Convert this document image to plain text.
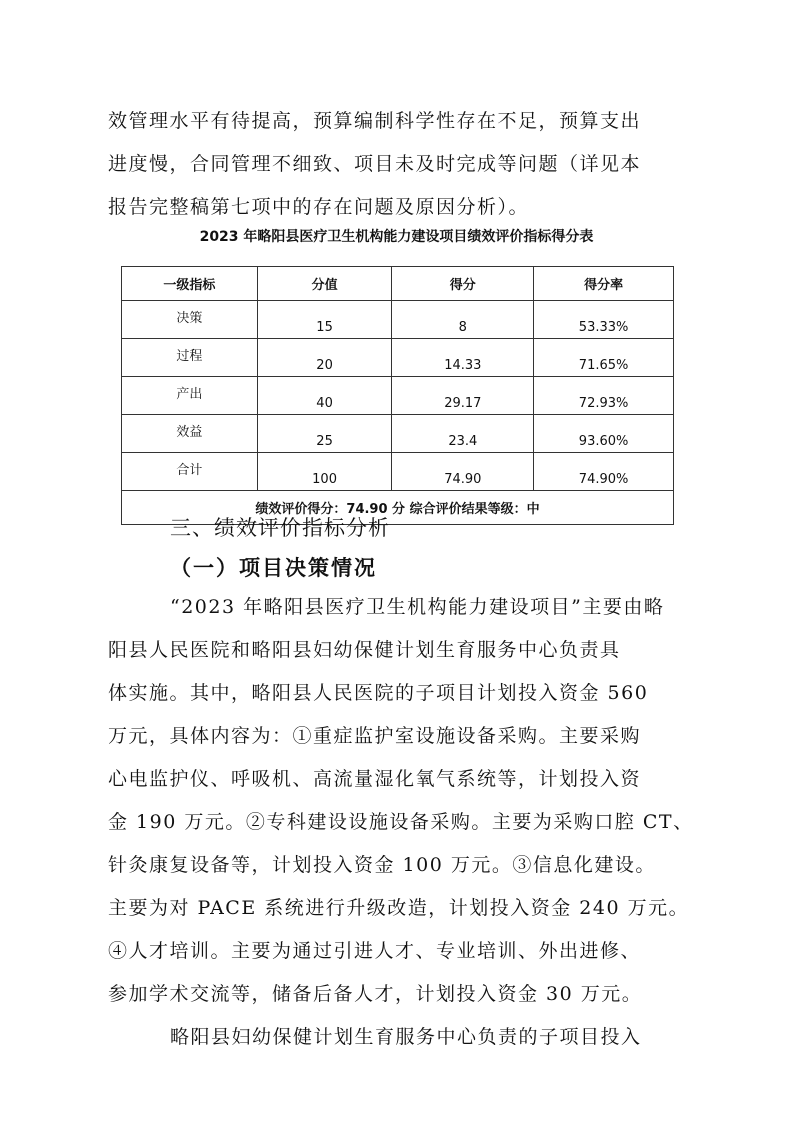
效管理水平有待提高，预算编制科学性存在不足，预算支出
进度慢，合同管理不细致、项目未及时完成等问题（详见本
报告完整稿第七项中的存在问题及原因分析）。
2023 年略阳县医疗卫生机构能力建设项目绩效评价指标得分表
一级指标	分值	得分	得分率
决策	15	8	53.33%
过程	20	14.33	71.65%
产出	40	29.17	72.93%
效益	25	23.4	93.60%
合计	100	74.90	74.90%
绩效评价得分：74.90 分 综合评价结果等级：中			
三、绩效评价指标分析
（一）项目决策情况
“2023 年略阳县医疗卫生机构能力建设项目”主要由略
阳县人民医院和略阳县妇幼保健计划生育服务中心负责具
体实施。其中，略阳县人民医院的子项目计划投入资金 560
万元，具体内容为：①重症监护室设施设备采购。主要采购
心电监护仪、呼吸机、高流量湿化氧气系统等，计划投入资
金 190 万元。②专科建设设施设备采购。主要为采购口腔 CT、
针灸康复设备等，计划投入资金 100 万元。③信息化建设。
主要为对 PACE 系统进行升级改造，计划投入资金 240 万元。
④人才培训。主要为通过引进人才、专业培训、外出进修、
参加学术交流等，储备后备人才，计划投入资金 30 万元。
略阳县妇幼保健计划生育服务中心负责的子项目投入
